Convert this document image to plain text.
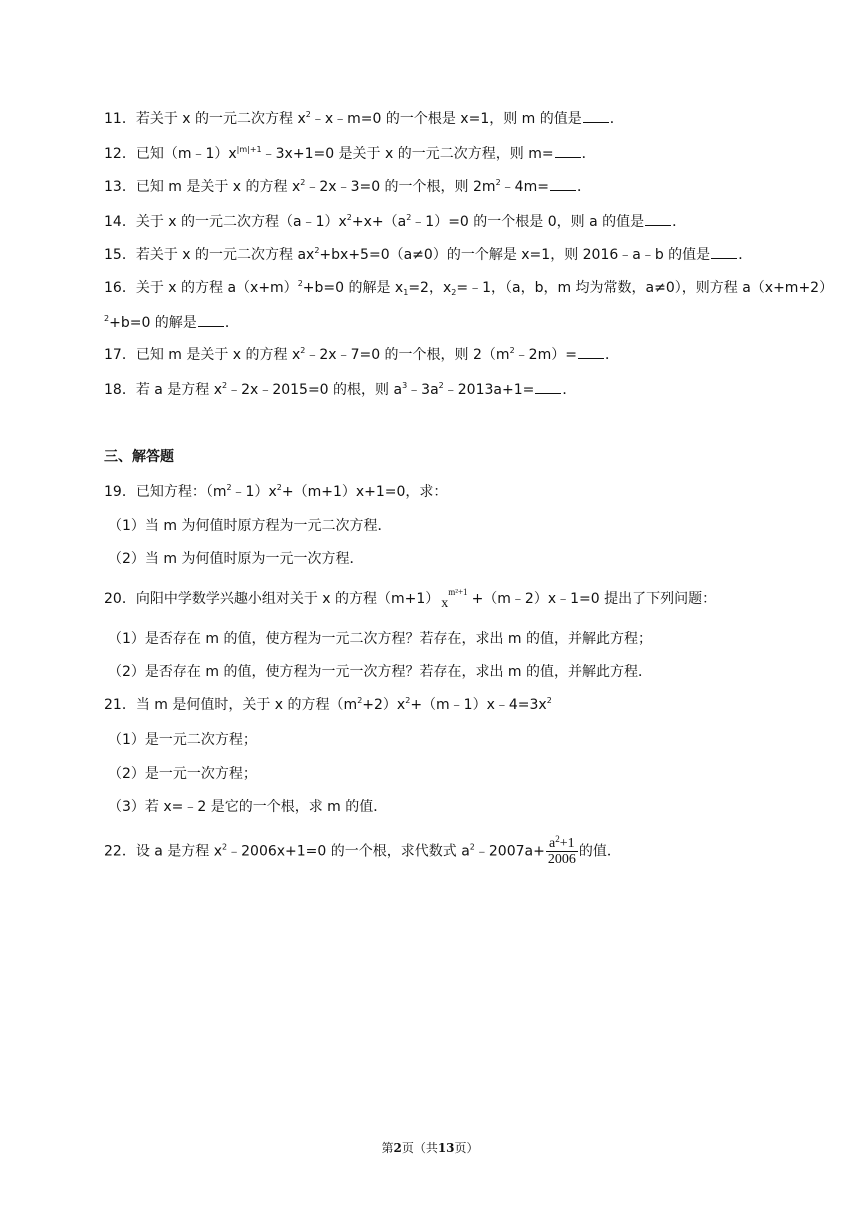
11．若关于 x 的一元二次方程 $x^2﹣x﹣m=0$ 的一个根是 x=1，则 m 的值是 ．
12．已知$(m﹣1)x^{|m|+1}﹣3x+1=0$ 是关于 x 的一元二次方程，则 m= ．
13．已知 m 是关于 x 的方程 $x^2﹣2x﹣3=0$ 的一个根，则 $2m^2﹣4m=$ ．
14．关于 x 的一元二次方程$(a﹣1)x^2+x+(a^2﹣1)=0$ 的一个根是 0，则 a 的值是 ．
15．若关于 x 的一元二次方程 $ax^2+bx+5=0(a\ne 0)$的一个解是 x=1，则 2016﹣a﹣b 的值是 ．
16．关于 x 的方程 $a(x+m)^2+b=0$ 的解是 $x_1=2$，$x_2=﹣1$，（a，b，m 均为常数，a≠0），则方程 a（x+m+2）
$^2$+b=0 的解是 ．
17．已知 m 是关于 x 的方程 $x^2﹣2x﹣7=0$ 的一个根，则 $2(m^2﹣2m)=$ ．
18．若 a 是方程 $x^2﹣2x﹣2015=0$ 的根，则 $a^3﹣3a^2﹣2013a+1=$ ．
三、解答题
19．已知方程：$(m^2﹣1)x^2+(m+1)x+1=0$，求：
（1）当 m 为何值时原方程为一元二次方程．
（2）当 m 为何值时原为一元一次方程．
20．向阳中学数学兴趣小组对关于 x 的方程（m+1） $x^{m^2+1}$ +（m﹣2）x﹣1=0 提出了下列问题：
（1）是否存在 m 的值，使方程为一元二次方程？若存在，求出 m 的值，并解此方程；
（2）是否存在 m 的值，使方程为一元一次方程？若存在，求出 m 的值，并解此方程．
21．当 m 是何值时，关于 x 的方程$(m^2+2)x^2+(m﹣1)x﹣4=3x^2$
（1）是一元二次方程；
（2）是一元一次方程；
（3）若 x=﹣2 是它的一个根，求 m 的值．
22．设 a 是方程 $x^2﹣2006x+1=0$ 的一个根，求代数式 $a^2﹣2007a+ \frac{a^2+1}{2006}$ 的值．
第2页（共13页）
